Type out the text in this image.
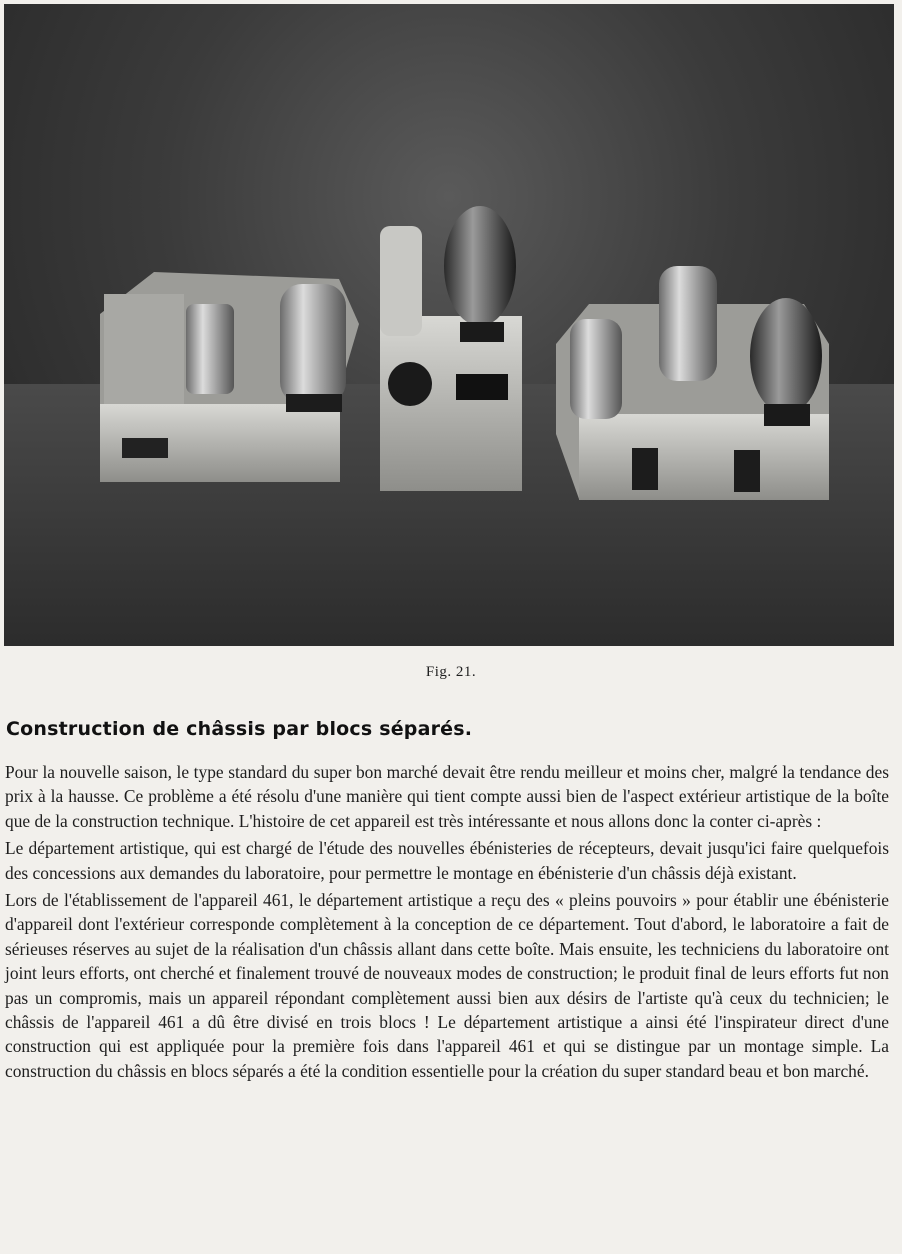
Fig. 21.
Construction de châssis par blocs séparés.

Pour la nouvelle saison, le type standard du super bon marché devait être rendu meilleur et moins cher, malgré la tendance des prix à la hausse. Ce problème a été résolu d'une manière qui tient compte aussi bien de l'aspect extérieur artistique de la boîte que de la construction technique. L'histoire de cet appareil est très intéressante et nous allons donc la conter ci-après :

Le département artistique, qui est chargé de l'étude des nouvelles ébénisteries de récepteurs, devait jusqu'ici faire quelquefois des concessions aux demandes du laboratoire, pour permettre le montage en ébénisterie d'un châssis déjà existant.

Lors de l'établissement de l'appareil 461, le département artistique a reçu des « pleins pouvoirs » pour établir une ébénisterie d'appareil dont l'extérieur corresponde complètement à la conception de ce département. Tout d'abord, le laboratoire a fait de sérieuses réserves au sujet de la réalisation d'un châssis allant dans cette boîte. Mais ensuite, les techniciens du laboratoire ont joint leurs efforts, ont cherché et finalement trouvé de nouveaux modes de construction; le produit final de leurs efforts fut non pas un compromis, mais un appareil répondant complètement aussi bien aux désirs de l'artiste qu'à ceux du technicien; le châssis de l'appareil 461 a dû être divisé en trois blocs ! Le département artistique a ainsi été l'inspirateur direct d'une construction qui est appliquée pour la première fois dans l'appareil 461 et qui se distingue par un montage simple. La construction du châssis en blocs séparés a été la condition essentielle pour la création du super standard beau et bon marché.
